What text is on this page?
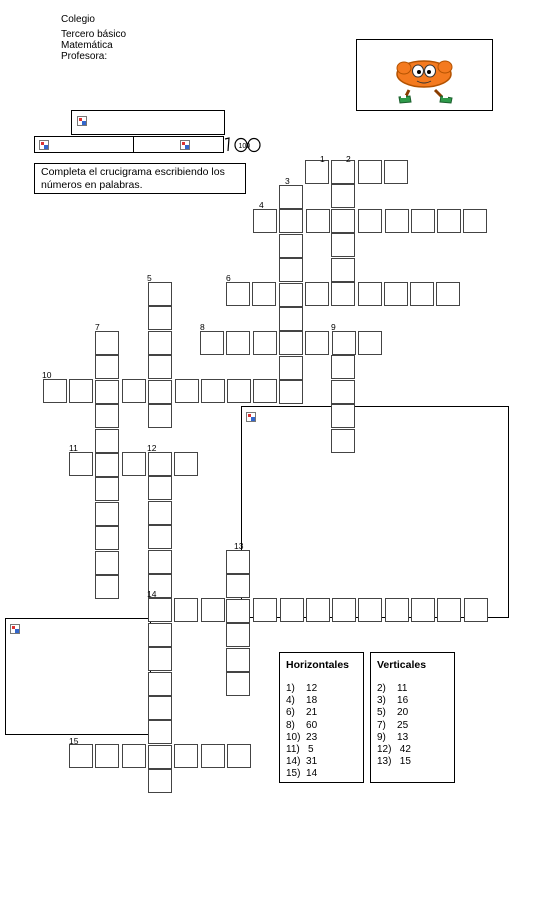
Colegio
Tercero básico
Matemática
Profesora:
100
Completa el crucigrama escribiendo los números en palabras.
1	2
3
4
5	6
7	8	9
10
11	12
13
14
15
Horizontales
1)    12
4)    18
6)    21
8)    60
10)  23
11)   5
14)  31
15)  14
Verticales
2)    11
3)    16
5)    20
7)    25
9)    13
12)   42
13)   15
